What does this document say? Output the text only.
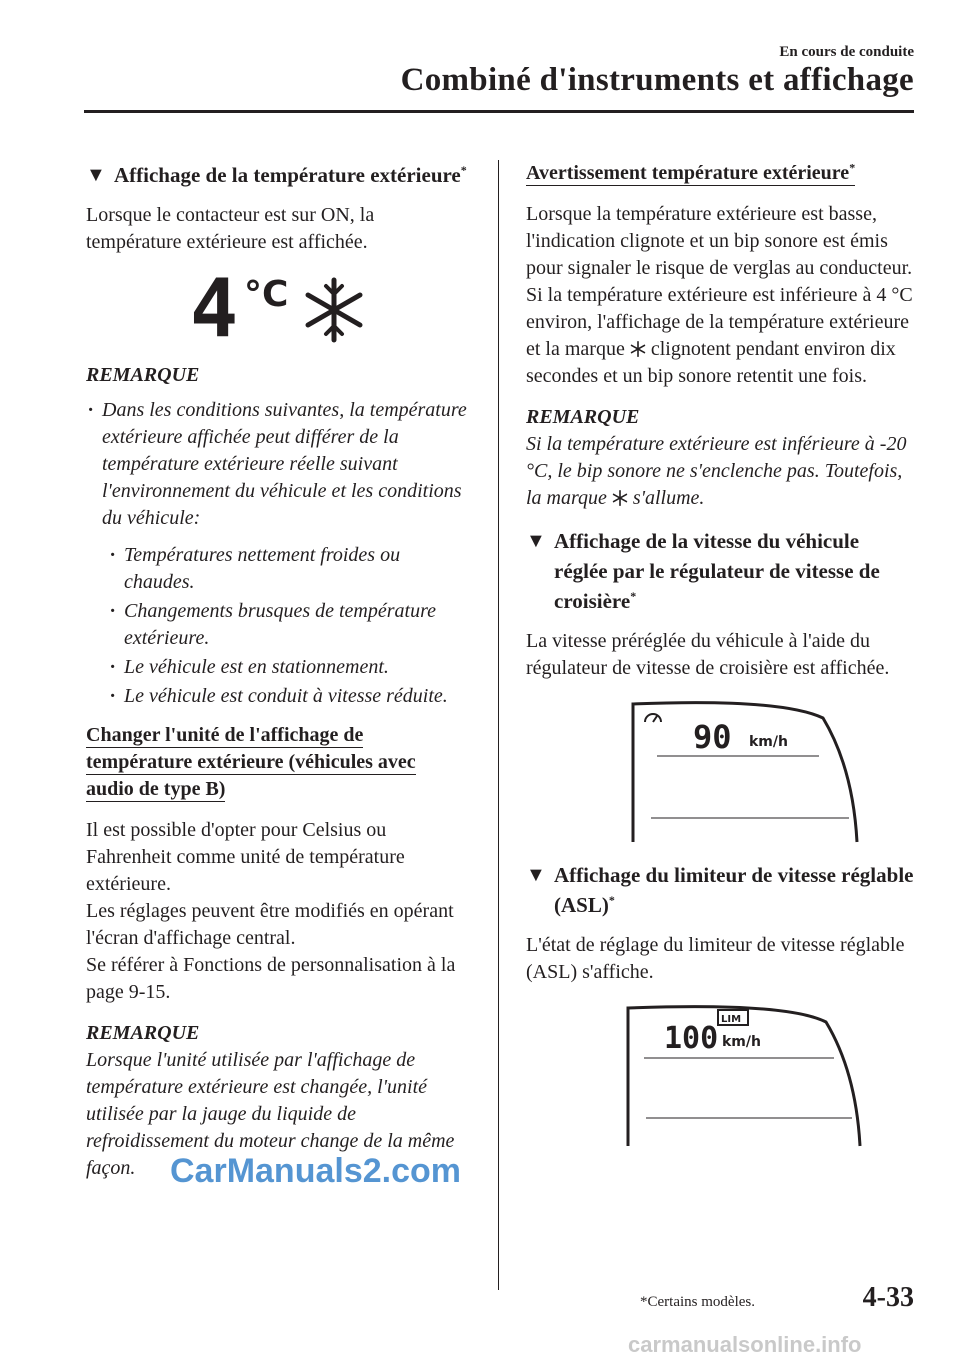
En cours de conduite
Combiné d'instruments et affichage
▼ Affichage de la température extérieure*

Lorsque le contacteur est sur ON, la température extérieure est affichée.

4 °C

REMARQUE

· Dans les conditions suivantes, la température extérieure affichée peut différer de la température extérieure réelle suivant l'environnement du véhicule et les conditions du véhicule:
· Températures nettement froides ou chaudes.
· Changements brusques de température extérieure.
· Le véhicule est en stationnement.
· Le véhicule est conduit à vitesse réduite.
Changer l'unité de l'affichage de température extérieure (véhicules avec audio de type B)

Il est possible d'opter pour Celsius ou Fahrenheit comme unité de température extérieure.

Les réglages peuvent être modifiés en opérant l'écran d'affichage central.

Se référer à Fonctions de personnalisation à la page 9-15.

REMARQUE

Lorsque l'unité utilisée par l'affichage de température extérieure est changée, l'unité utilisée par la jauge du liquide de refroidissement du moteur change de la même façon.

Avertissement température extérieure*

Lorsque la température extérieure est basse, l'indication clignote et un bip sonore est émis pour signaler le risque de verglas au conducteur.

Si la température extérieure est inférieure à 4 °C environ, l'affichage de la température extérieure et la marque clignotent pendant environ dix secondes et un bip sonore retentit une fois.

REMARQUE

Si la température extérieure est inférieure à -20 °C, le bip sonore ne s'enclenche pas. Toutefois, la marque s'allume.

▼ Affichage de la vitesse du véhicule réglée par le régulateur de vitesse de croisière*

La vitesse préréglée du véhicule à l'aide du régulateur de vitesse de croisière est affichée.

90 km/h
▼ Affichage du limiteur de vitesse réglable (ASL)*

L'état de réglage du limiteur de vitesse réglable (ASL) s'affiche.

LIM
100 km/h
*Certains modèles.	4-33
CarManuals2.com
carmanualsonline.info
